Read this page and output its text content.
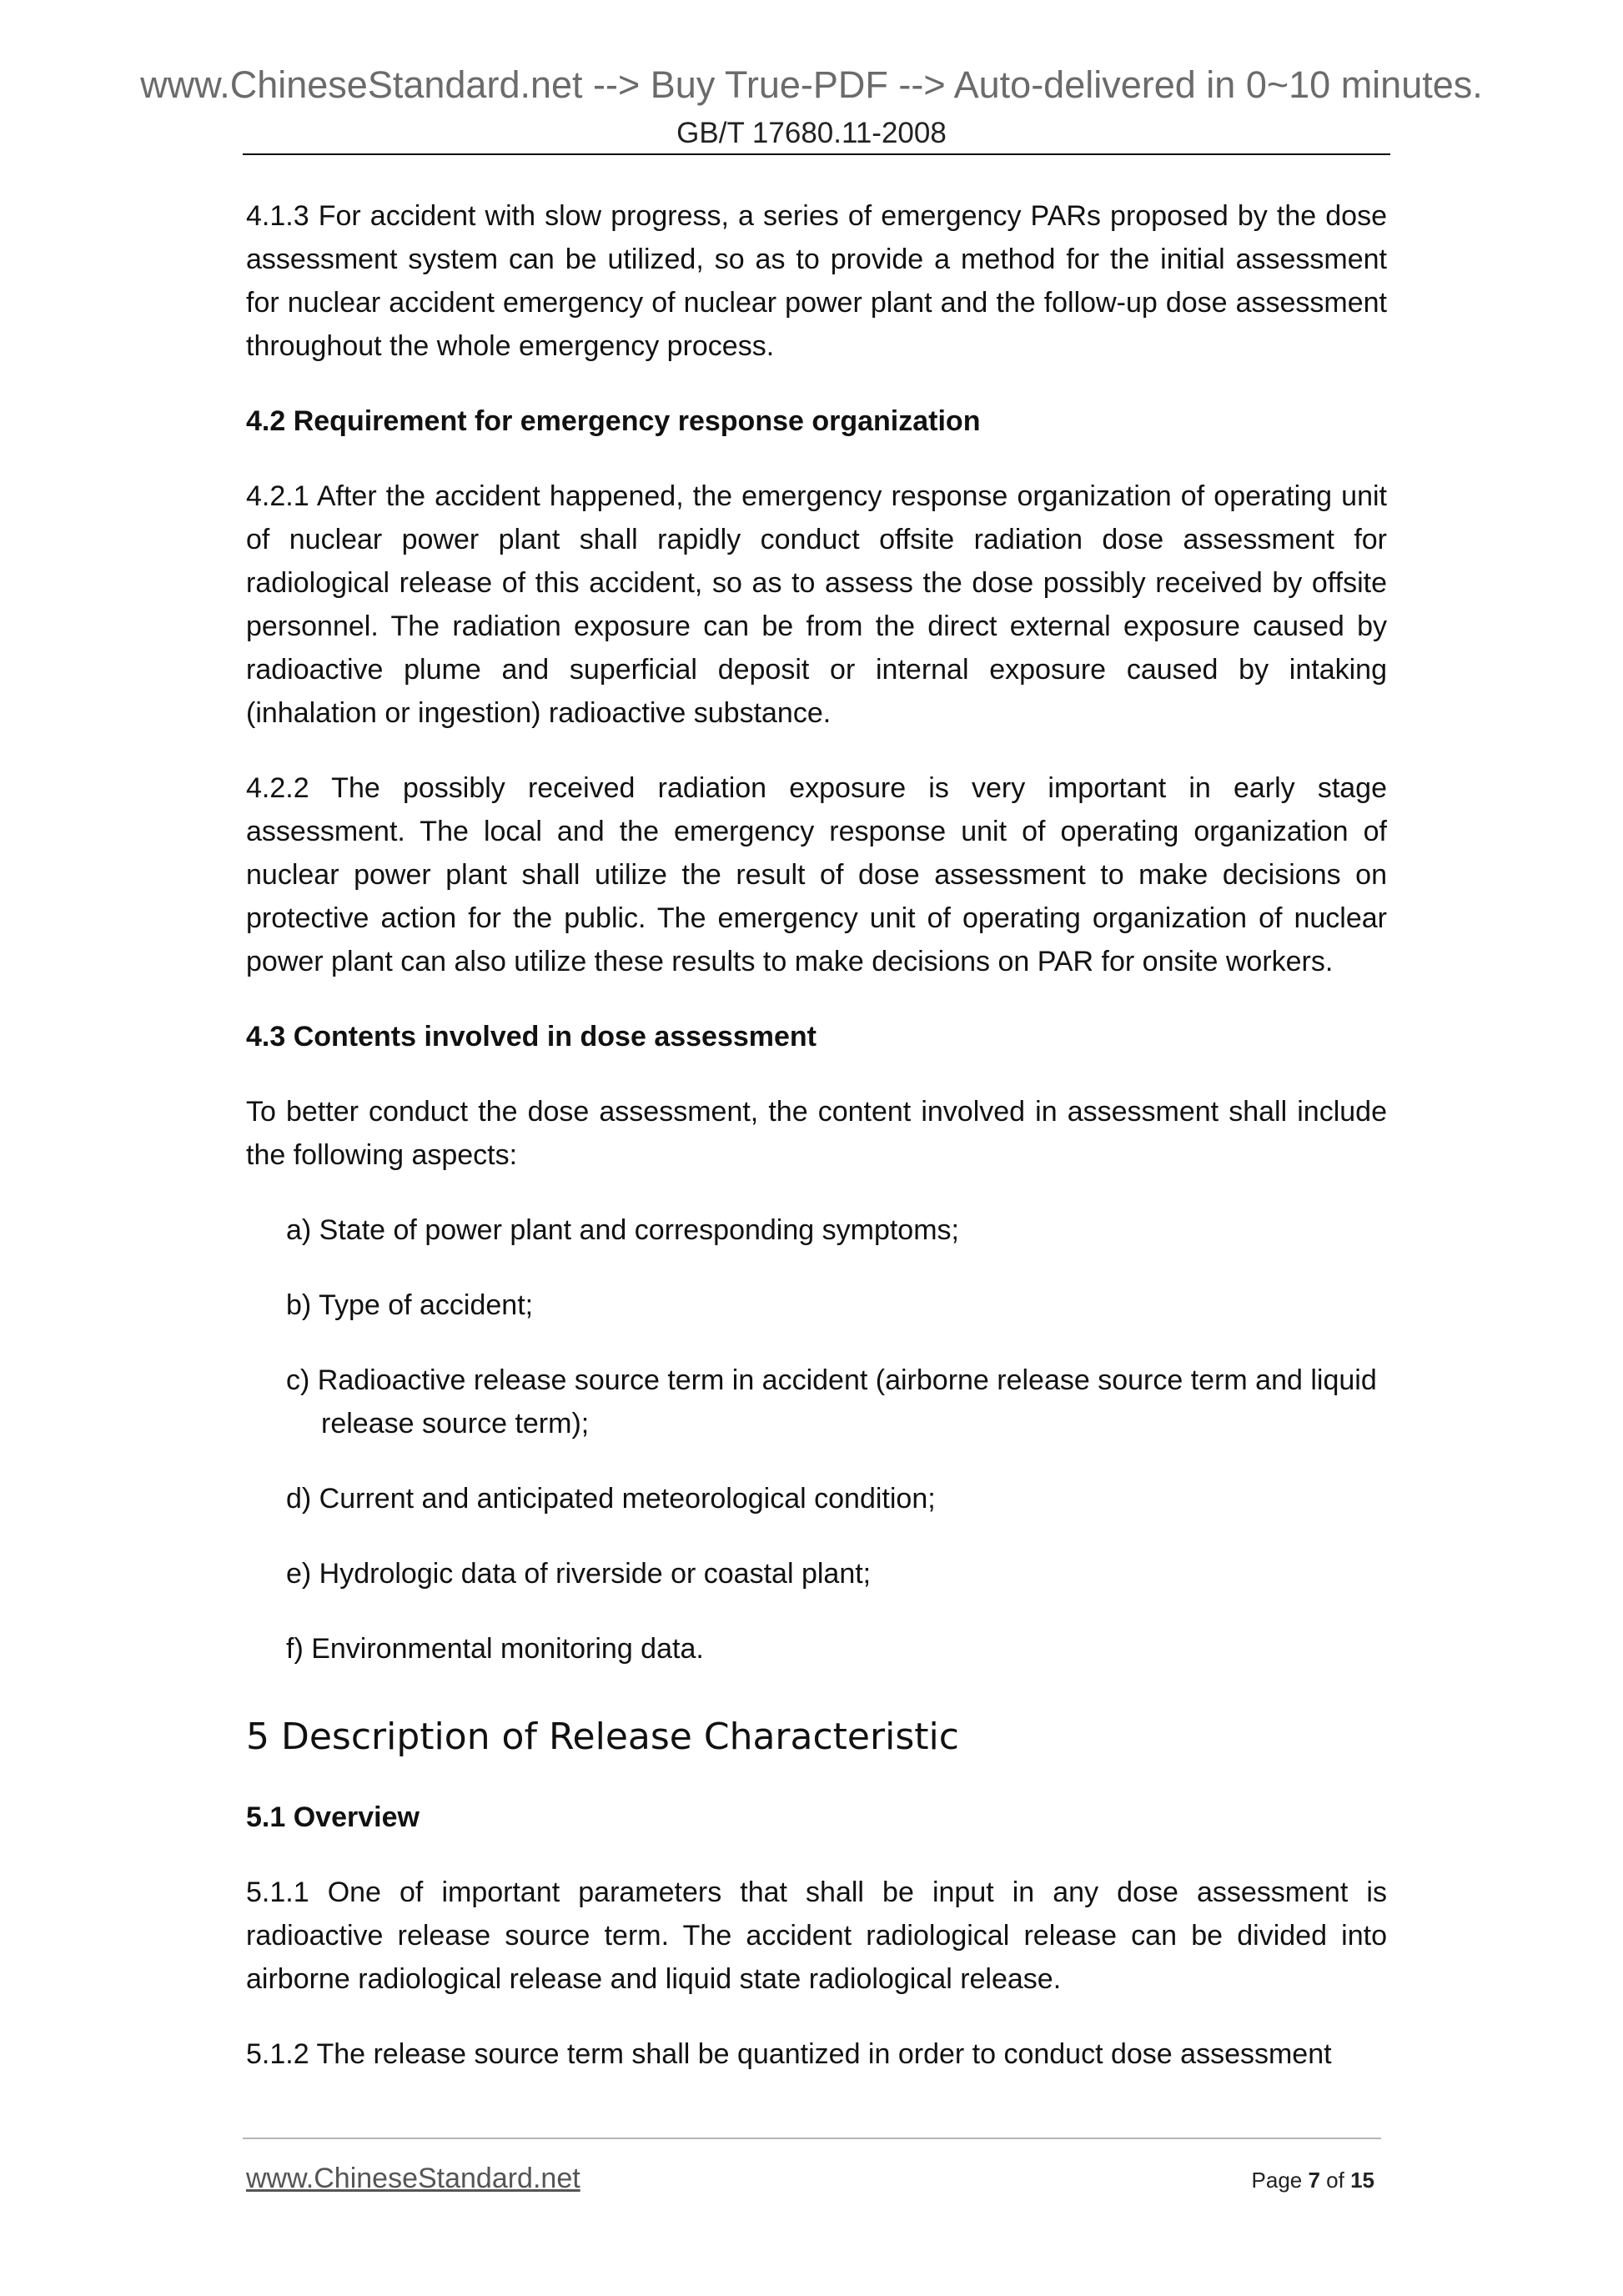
www.ChineseStandard.net --> Buy True-PDF --> Auto-delivered in 0~10 minutes.
GB/T 17680.11-2008

4.1.3 For accident with slow progress, a series of emergency PARs proposed by the dose assessment system can be utilized, so as to provide a method for the initial assessment for nuclear accident emergency of nuclear power plant and the follow-up dose assessment throughout the whole emergency process.

4.2 Requirement for emergency response organization

4.2.1 After the accident happened, the emergency response organization of operating unit of nuclear power plant shall rapidly conduct offsite radiation dose assessment for radiological release of this accident, so as to assess the dose possibly received by offsite personnel. The radiation exposure can be from the direct external exposure caused by radioactive plume and superficial deposit or internal exposure caused by intaking (inhalation or ingestion) radioactive substance.

4.2.2 The possibly received radiation exposure is very important in early stage assessment. The local and the emergency response unit of operating organization of nuclear power plant shall utilize the result of dose assessment to make decisions on protective action for the public. The emergency unit of operating organization of nuclear power plant can also utilize these results to make decisions on PAR for onsite workers.

4.3 Contents involved in dose assessment

To better conduct the dose assessment, the content involved in assessment shall include the following aspects:

a) State of power plant and corresponding symptoms;

b) Type of accident;

c) Radioactive release source term in accident (airborne release source term and liquid release source term);

d) Current and anticipated meteorological condition;

e) Hydrologic data of riverside or coastal plant;

f) Environmental monitoring data.

5 Description of Release Characteristic
5.1 Overview

5.1.1 One of important parameters that shall be input in any dose assessment is radioactive release source term. The accident radiological release can be divided into airborne radiological release and liquid state radiological release.

5.1.2 The release source term shall be quantized in order to conduct dose assessment

www.ChineseStandard.net	Page 7 of 15
